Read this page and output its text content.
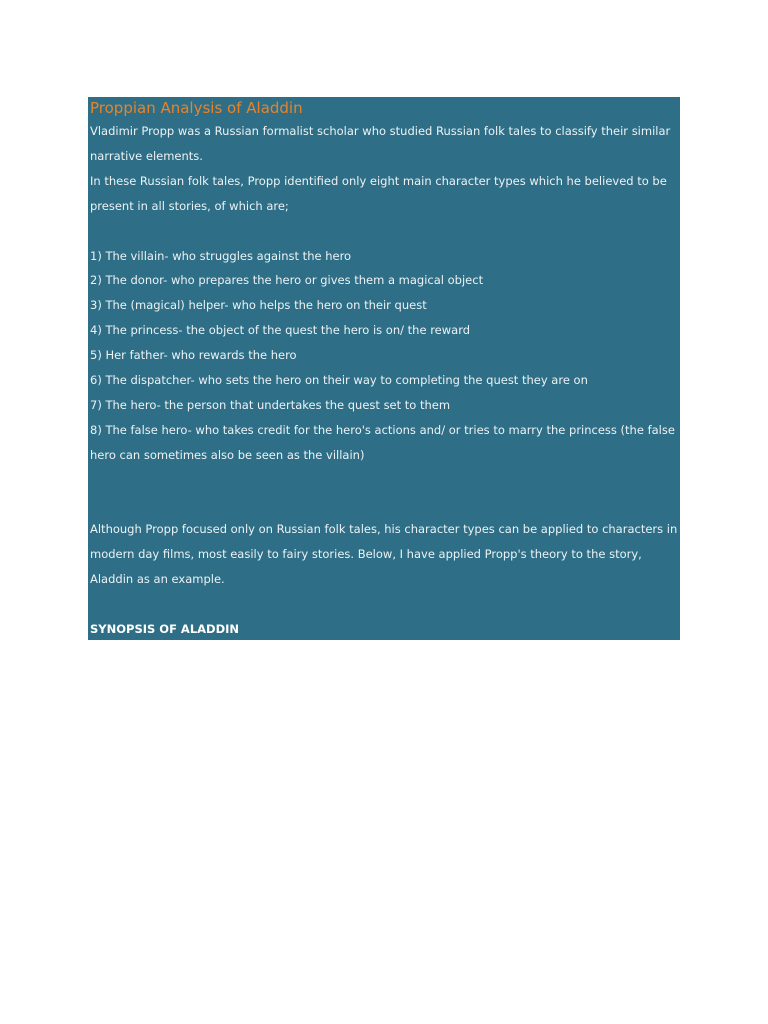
Proppian Analysis of Aladdin
Vladimir Propp was a Russian formalist scholar who studied Russian folk tales to classify their similar
narrative elements.
In these Russian folk tales, Propp identified only eight main character types which he believed to be
present in all stories, of which are;
1) The villain- who struggles against the hero
2) The donor- who prepares the hero or gives them a magical object
3) The (magical) helper- who helps the hero on their quest
4) The princess- the object of the quest the hero is on/ the reward
5) Her father- who rewards the hero
6) The dispatcher- who sets the hero on their way to completing the quest they are on
7) The hero- the person that undertakes the quest set to them
8) The false hero- who takes credit for the hero's actions and/ or tries to marry the princess (the false
hero can sometimes also be seen as the villain)
Although Propp focused only on Russian folk tales, his character types can be applied to characters in
modern day films, most easily to fairy stories. Below, I have applied Propp's theory to the story,
Aladdin as an example.
SYNOPSIS OF ALADDIN
